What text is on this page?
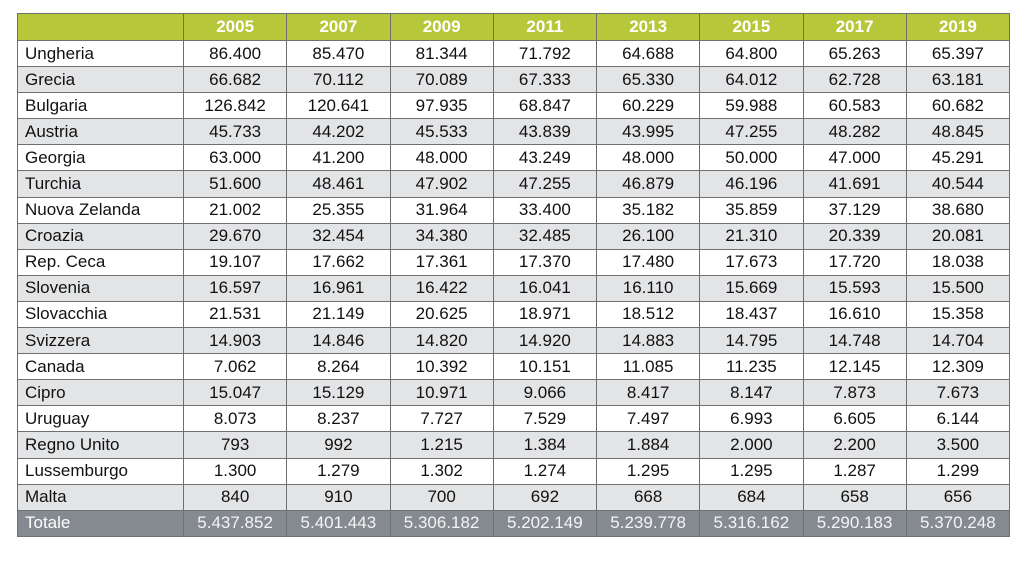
	2005	2007	2009	2011	2013	2015	2017	2019
Ungheria	86.400	85.470	81.344	71.792	64.688	64.800	65.263	65.397
Grecia	66.682	70.112	70.089	67.333	65.330	64.012	62.728	63.181
Bulgaria	126.842	120.641	97.935	68.847	60.229	59.988	60.583	60.682
Austria	45.733	44.202	45.533	43.839	43.995	47.255	48.282	48.845
Georgia	63.000	41.200	48.000	43.249	48.000	50.000	47.000	45.291
Turchia	51.600	48.461	47.902	47.255	46.879	46.196	41.691	40.544
Nuova Zelanda	21.002	25.355	31.964	33.400	35.182	35.859	37.129	38.680
Croazia	29.670	32.454	34.380	32.485	26.100	21.310	20.339	20.081
Rep. Ceca	19.107	17.662	17.361	17.370	17.480	17.673	17.720	18.038
Slovenia	16.597	16.961	16.422	16.041	16.110	15.669	15.593	15.500
Slovacchia	21.531	21.149	20.625	18.971	18.512	18.437	16.610	15.358
Svizzera	14.903	14.846	14.820	14.920	14.883	14.795	14.748	14.704
Canada	7.062	8.264	10.392	10.151	11.085	11.235	12.145	12.309
Cipro	15.047	15.129	10.971	9.066	8.417	8.147	7.873	7.673
Uruguay	8.073	8.237	7.727	7.529	7.497	6.993	6.605	6.144
Regno Unito	793	992	1.215	1.384	1.884	2.000	2.200	3.500
Lussemburgo	1.300	1.279	1.302	1.274	1.295	1.295	1.287	1.299
Malta	840	910	700	692	668	684	658	656
Totale	5.437.852	5.401.443	5.306.182	5.202.149	5.239.778	5.316.162	5.290.183	5.370.248
